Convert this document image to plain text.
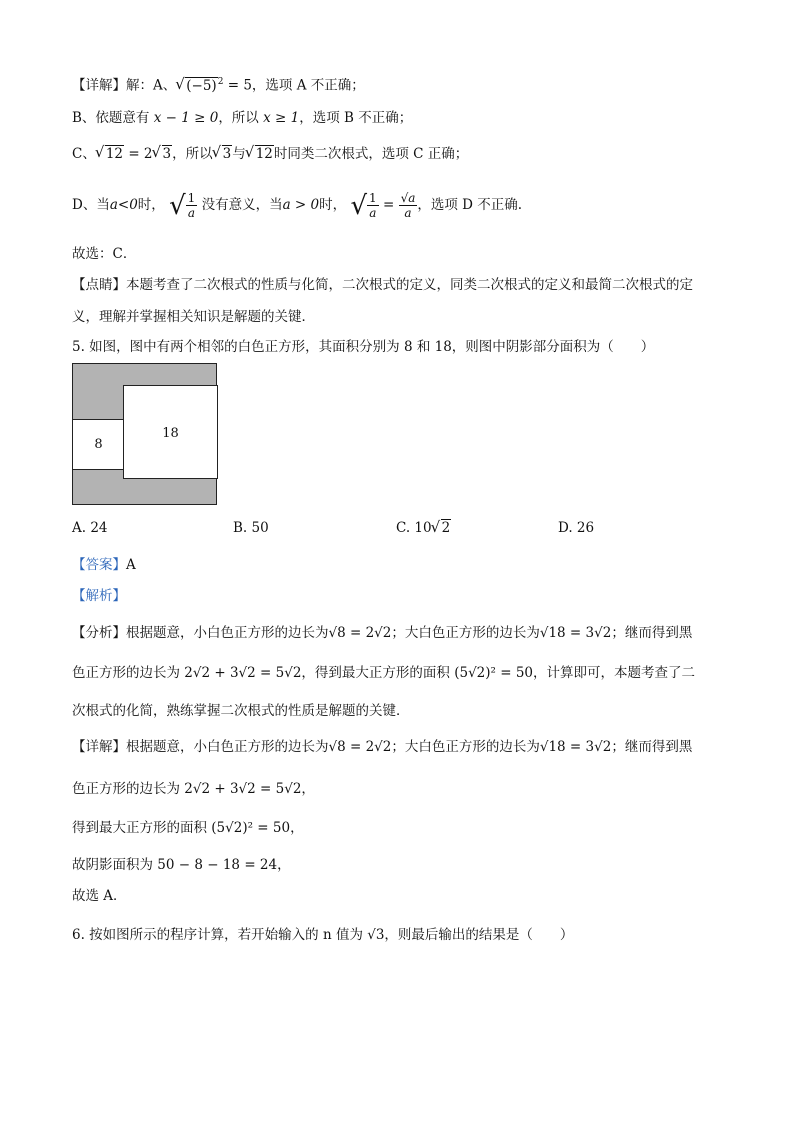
【详解】解：A、 √ $(-5)^2 = 5$，选项 A 不正确；
B、依题意有 x − 1 ≥ 0，所以 x ≥ 1，选项 B 不正确；
C、 √ 12 = 2 √ 3，所以 √ 3与 √ 12时同类二次根式，选项 C 正确；
D、当a<0时， √ $\frac{1}{a}$ 没有意义，当a > 0时， √ $\frac{1}{a} = \frac{√a}{a}$ ，选项 D 不正确.
故选：C．
【点睛】本题考查了二次根式的性质与化简，二次根式的定义，同类二次根式的定义和最简二次根式的定
义，理解并掌握相关知识是解题的关键．
5. 如图，图中有两个相邻的白色正方形，其面积分别为 8 和 18，则图中阴影部分面积为（　　）
8
18
A. 24	B. 50	C. 10 √ 2	D. 26
【答案】A
【解析】
【分析】根据题意，小白色正方形的边长为√8 = 2√2；大白色正方形的边长为√18 = 3√2；继而得到黑
色正方形的边长为 2√2 + 3√2 = 5√2，得到最大正方形的面积 (5√2)² = 50，计算即可，本题考查了二
次根式的化简，熟练掌握二次根式的性质是解题的关键．
【详解】根据题意，小白色正方形的边长为√8 = 2√2；大白色正方形的边长为√18 = 3√2；继而得到黑
色正方形的边长为 2√2 + 3√2 = 5√2，
得到最大正方形的面积 (5√2)² = 50，
故阴影面积为 50 − 8 − 18 = 24，
故选 A．
6. 按如图所示的程序计算，若开始输入的 n 值为 √3，则最后输出的结果是（　　）
